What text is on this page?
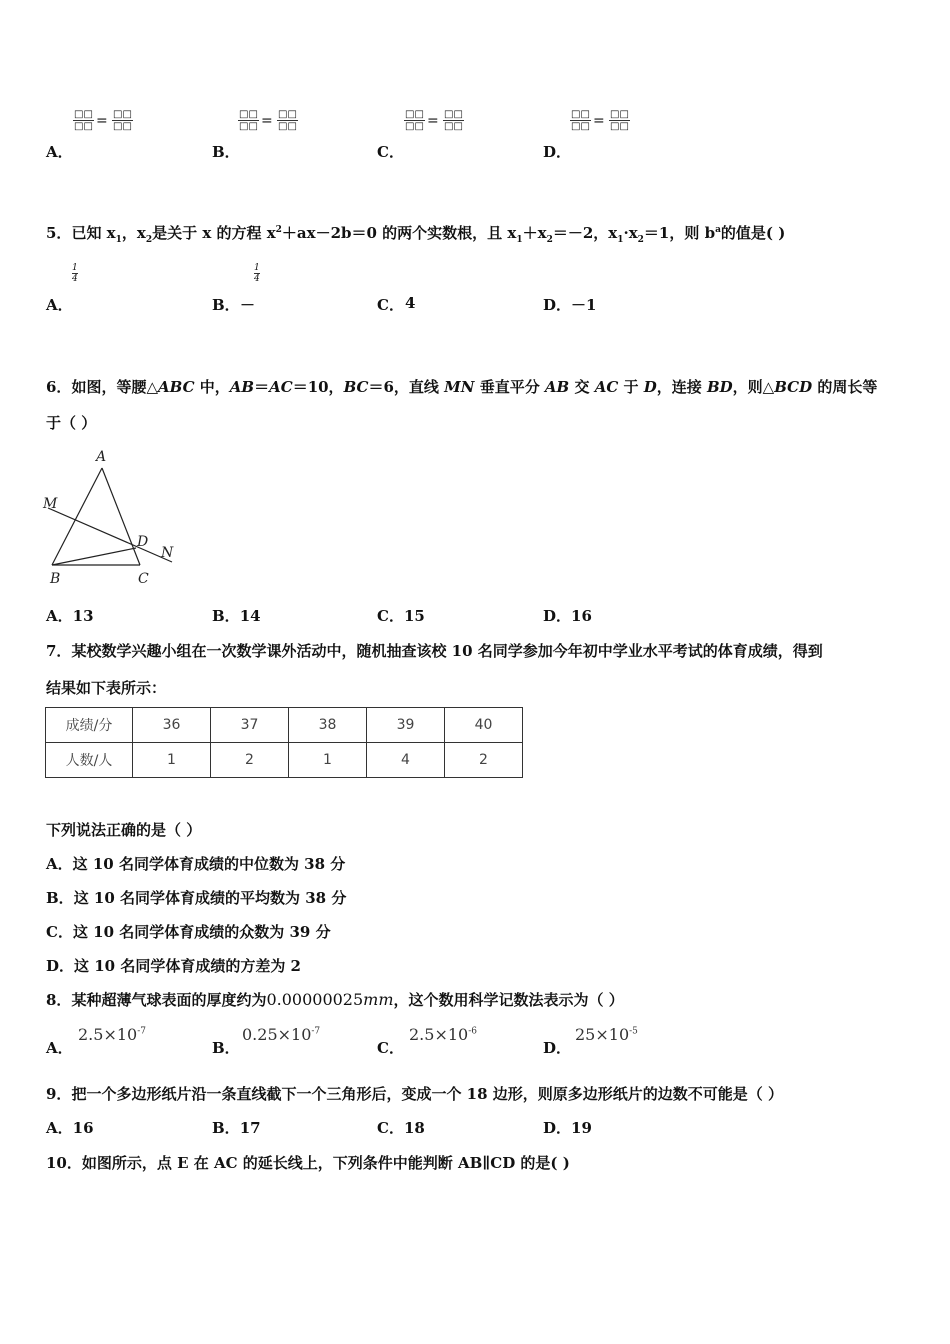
A．
□□
□□ = □□
□□
B．
□□
□□ = □□
□□
C．
□□
□□ = □□
□□
D．
□□
□□ = □□
□□
5．已知 $x_1$，$x_2$是关于 x 的方程 $x^2+ax-2b=0$ 的两个实数根，且 $x_1+x_2=-2$，$x_1\cdot x_2=1$，则 $b^a$的值是( )
A．
$\frac{1}{4}$
B． －
$\frac{1}{4}$
C． 4	D． －1
6．如图，等腰△ABC 中，AB＝AC＝10，BC＝6，直线 MN 垂直平分 AB 交 AC 于 D，连接 BD，则△BCD 的周长等
于（ ）
A
M
D
N
B	C
A．13	B．14	C．15	D．16
7．某校数学兴趣小组在一次数学课外活动中，随机抽查该校 10 名同学参加今年初中学业水平考试的体育成绩，得到
结果如下表所示：
成绩/分	36	37	38	39	40
人数/人	1	2	1	4	2
下列说法正确的是（ ）
A．这 10 名同学体育成绩的中位数为 38 分
B．这 10 名同学体育成绩的平均数为 38 分
C．这 10 名同学体育成绩的众数为 39 分
D．这 10 名同学体育成绩的方差为 2
8．某种超薄气球表面的厚度约为0.00000025mm，这个数用科学记数法表示为（ ）
A．
$2.5\times 10^{-7}$
B．
$0.25\times 10^{-7}$
C．
$2.5\times 10^{-6}$
D．
$25\times 10^{-5}$
9．把一个多边形纸片沿一条直线截下一个三角形后，变成一个 18 边形，则原多边形纸片的边数不可能是（ ）
A．16	B．17	C．18	D．19
10．如图所示，点 E 在 AC 的延长线上，下列条件中能判断 AB∥CD 的是( )
